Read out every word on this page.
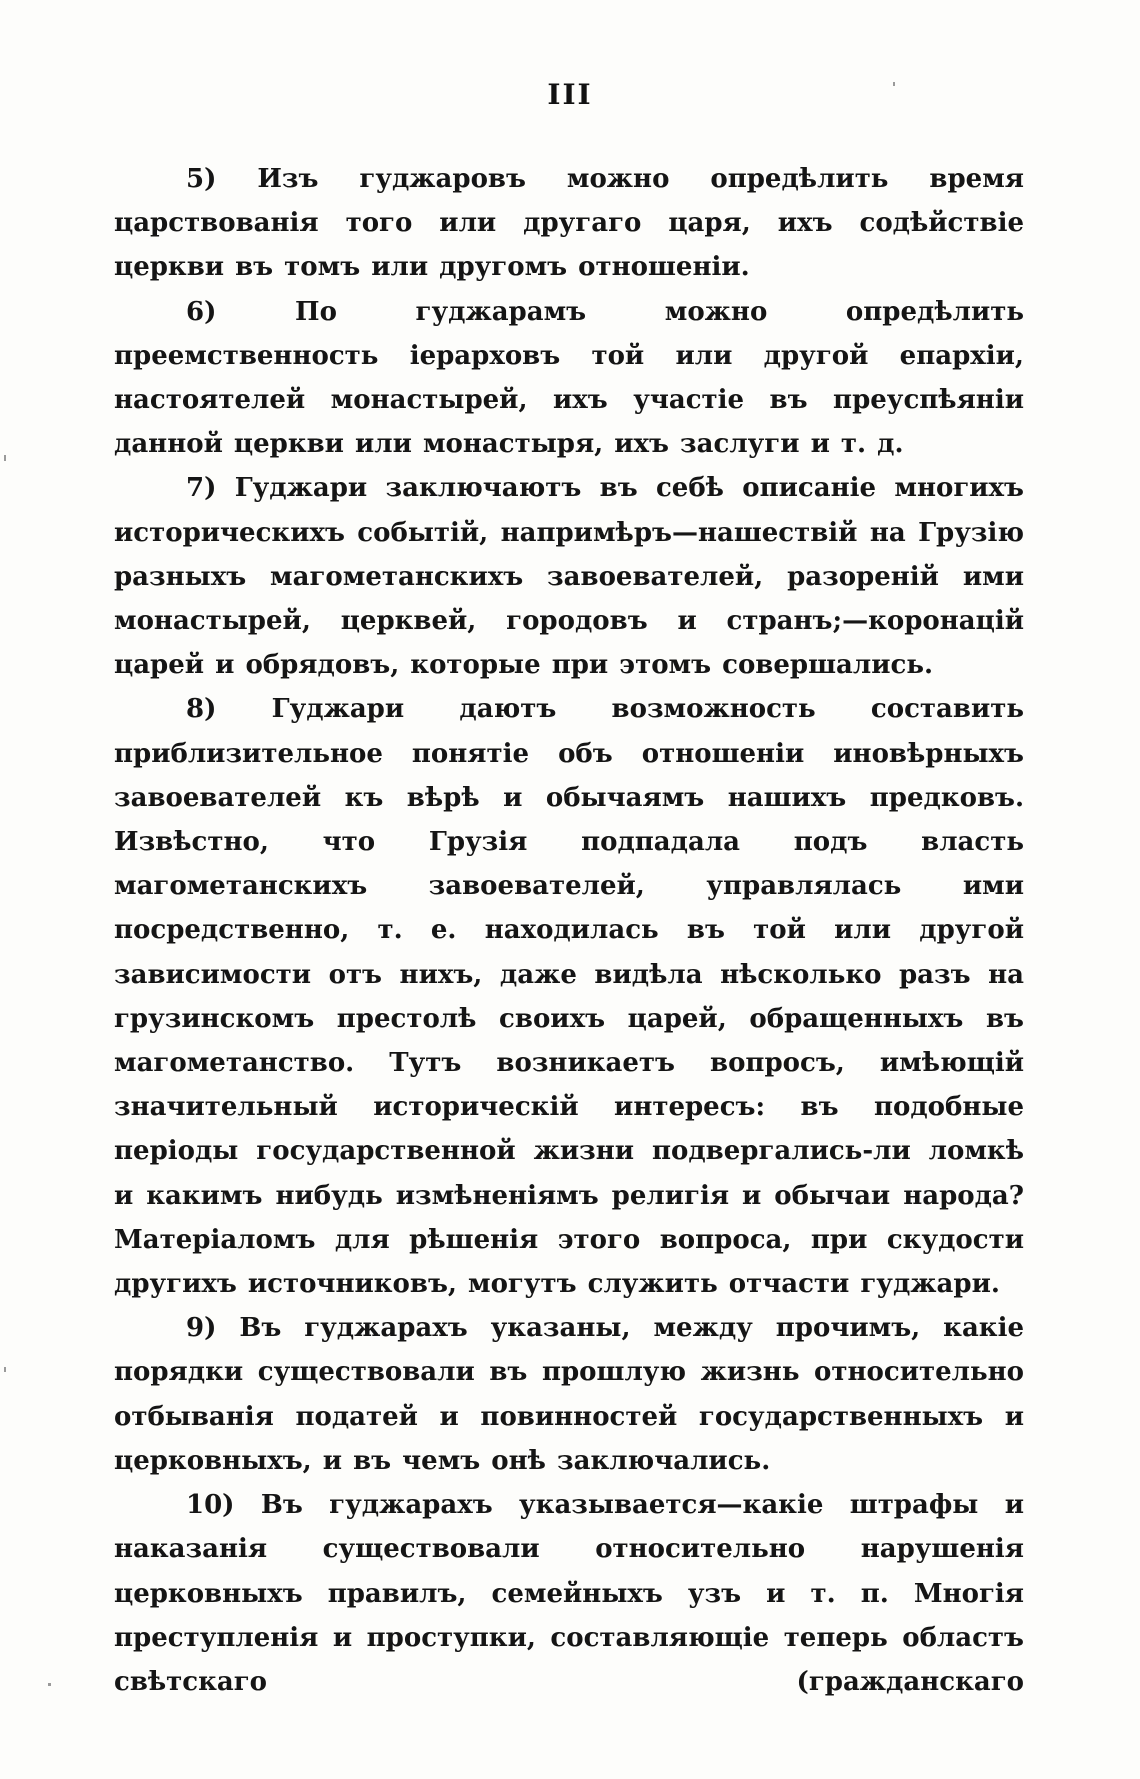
III

5) Изъ гуджаровъ можно опредѣлить время царствованія того или другаго царя, ихъ содѣйствіе церкви въ томъ или другомъ отношеніи.

6) По гуджарамъ можно опредѣлить преемственность іерарховъ той или другой епархіи, настоятелей монастырей, ихъ участіе въ преуспѣяніи данной церкви или монастыря, ихъ заслуги и т. д.

7) Гуджари заключаютъ въ себѣ описаніе многихъ историческихъ событій, напримѣръ—нашествій на Грузію разныхъ магометанскихъ завоевателей, разореній ими монастырей, церквей, городовъ и странъ;—коронацій царей и обрядовъ, которые при этомъ совершались.

8) Гуджари даютъ возможность составить приблизительное понятіе объ отношеніи иновѣрныхъ завоевателей къ вѣрѣ и обычаямъ нашихъ предковъ. Извѣстно, что Грузія подпадала подъ власть магометанскихъ завоевателей, управлялась ими посредственно, т. е. находилась въ той или другой зависимости отъ нихъ, даже видѣла нѣсколько разъ на грузинскомъ престолѣ своихъ царей, обращенныхъ въ магометанство. Тутъ возникаетъ вопросъ, имѣющій значительный историческій интересъ: въ подобные періоды государственной жизни подвергались-ли ломкѣ и какимъ нибудь измѣненіямъ религія и обычаи народа? Матеріаломъ для рѣшенія этого вопроса, при скудости другихъ источниковъ, могутъ служить отчасти гуджари.

9) Въ гуджарахъ указаны, между прочимъ, какіе порядки существовали въ прошлую жизнь относительно отбыванія податей и повинностей государственныхъ и церковныхъ, и въ чемъ онѣ заключались.

10) Въ гуджарахъ указывается—какіе штрафы и наказанія существовали относительно нарушенія церковныхъ правилъ, семейныхъ узъ и т. п. Многія преступленія и проступки, составляющіе теперь областъ свѣтскаго (гражданскаго
